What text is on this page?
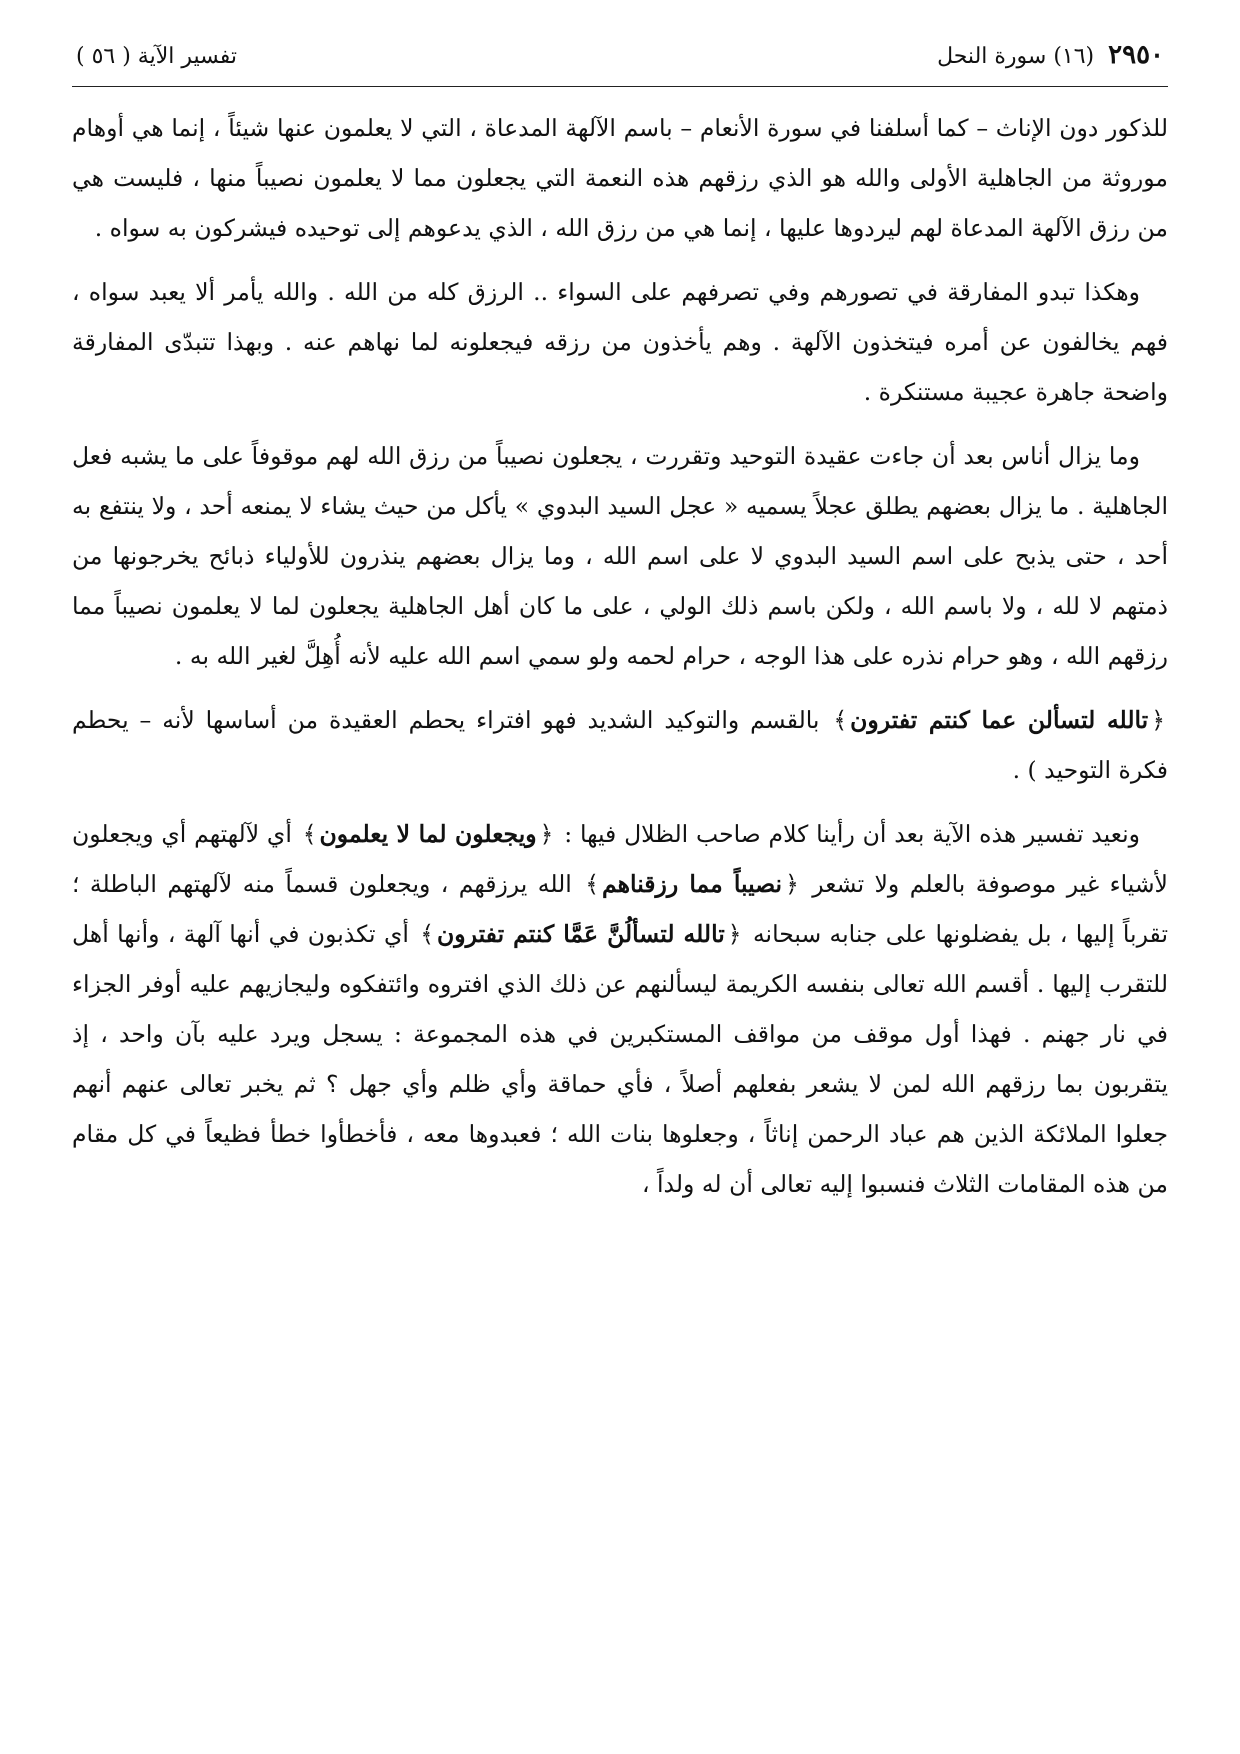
٢٩٥٠
(١٦) سورة النحل
تفسير الآية ( ٥٦ )

للذكور دون الإناث – كما أسلفنا في سورة الأنعام – باسم الآلهة المدعاة ، التي لا يعلمون عنها شيئاً ، إنما هي أوهام موروثة من الجاهلية الأولى والله هو الذي رزقهم هذه النعمة التي يجعلون مما لا يعلمون نصيباً منها ، فليست هي من رزق الآلهة المدعاة لهم ليردوها عليها ، إنما هي من رزق الله ، الذي يدعوهم إلى توحيده فيشركون به سواه .

وهكذا تبدو المفارقة في تصورهم وفي تصرفهم على السواء .. الرزق كله من الله . والله يأمر ألا يعبد سواه ، فهم يخالفون عن أمره فيتخذون الآلهة . وهم يأخذون من رزقه فيجعلونه لما نهاهم عنه . وبهذا تتبدّى المفارقة واضحة جاهرة عجيبة مستنكرة .

وما يزال أناس بعد أن جاءت عقيدة التوحيد وتقررت ، يجعلون نصيباً من رزق الله لهم موقوفاً على ما يشبه فعل الجاهلية . ما يزال بعضهم يطلق عجلاً يسميه « عجل السيد البدوي » يأكل من حيث يشاء لا يمنعه أحد ، ولا ينتفع به أحد ، حتى يذبح على اسم السيد البدوي لا على اسم الله ، وما يزال بعضهم ينذرون للأولياء ذبائح يخرجونها من ذمتهم لا لله ، ولا باسم الله ، ولكن باسم ذلك الولي ، على ما كان أهل الجاهلية يجعلون لما لا يعلمون نصيباً مما رزقهم الله ، وهو حرام نذره على هذا الوجه ، حرام لحمه ولو سمي اسم الله عليه لأنه أُهِلَّ لغير الله به .

﴿تالله لتسألن عما كنتم تفترون﴾ بالقسم والتوكيد الشديد فهو افتراء يحطم العقيدة من أساسها لأنه – يحطم فكرة التوحيد ) .

ونعيد تفسير هذه الآية بعد أن رأينا كلام صاحب الظلال فيها : ﴿ويجعلون لما لا يعلمون﴾ أي لآلهتهم أي ويجعلون لأشياء غير موصوفة بالعلم ولا تشعر ﴿نصيباً مما رزقناهم﴾ الله يرزقهم ، ويجعلون قسماً منه لآلهتهم الباطلة ؛ تقرباً إليها ، بل يفضلونها على جنابه سبحانه ﴿تالله لتسألُنَّ عَمَّا كنتم تفترون﴾ أي تكذبون في أنها آلهة ، وأنها أهل للتقرب إليها . أقسم الله تعالى بنفسه الكريمة ليسألنهم عن ذلك الذي افتروه وائتفكوه وليجازيهم عليه أوفر الجزاء في نار جهنم . فهذا أول موقف من مواقف المستكبرين في هذه المجموعة : يسجل ويرد عليه بآن واحد ، إذ يتقربون بما رزقهم الله لمن لا يشعر بفعلهم أصلاً ، فأي حماقة وأي ظلم وأي جهل ؟ ثم يخبر تعالى عنهم أنهم جعلوا الملائكة الذين هم عباد الرحمن إناثاً ، وجعلوها بنات الله ؛ فعبدوها معه ، فأخطأوا خطأ فظيعاً في كل مقام من هذه المقامات الثلاث فنسبوا إليه تعالى أن له ولداً ،
